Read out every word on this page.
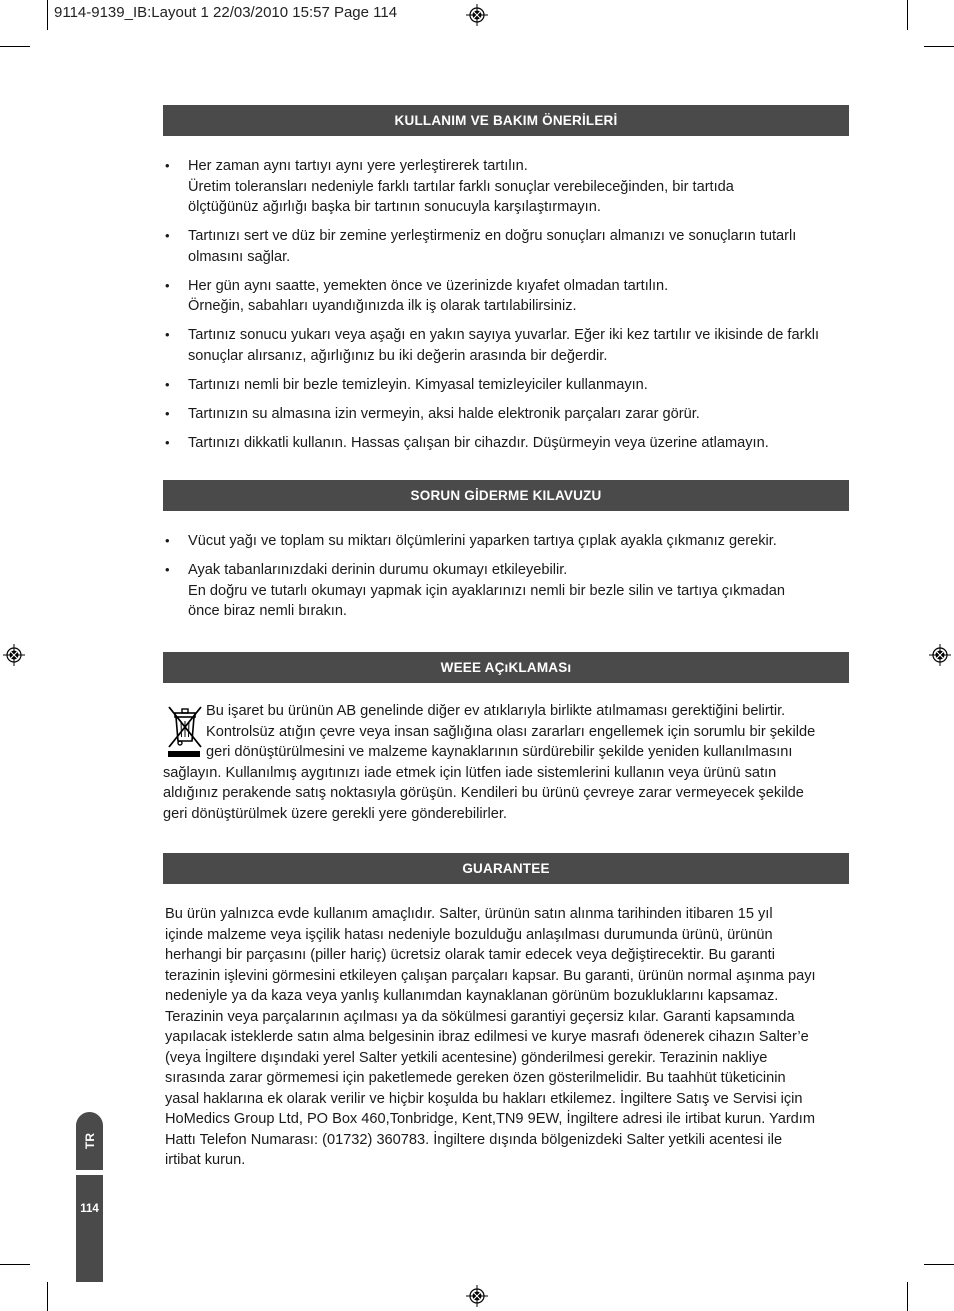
9114-9139_IB:Layout 1 22/03/2010 15:57 Page 114
KULLANIM VE BAKIM ÖNERİLERİ
• Her zaman aynı tartıyı aynı yere yerleştirerek tartılın.
Üretim toleransları nedeniyle farklı tartılar farklı sonuçlar verebileceğinden, bir tartıda
ölçtüğünüz ağırlığı başka bir tartının sonucuyla karşılaştırmayın.
• Tartınızı sert ve düz bir zemine yerleştirmeniz en doğru sonuçları almanızı ve sonuçların tutarlı
olmasını sağlar.
• Her gün aynı saatte, yemekten önce ve üzerinizde kıyafet olmadan tartılın.
Örneğin, sabahları uyandığınızda ilk iş olarak tartılabilirsiniz.
• Tartınız sonucu yukarı veya aşağı en yakın sayıya yuvarlar. Eğer iki kez tartılır ve ikisinde de farklı
sonuçlar alırsanız, ağırlığınız bu iki değerin arasında bir değerdir.
• Tartınızı nemli bir bezle temizleyin. Kimyasal temizleyiciler kullanmayın.
• Tartınızın su almasına izin vermeyin, aksi halde elektronik parçaları zarar görür.
• Tartınızı dikkatli kullanın. Hassas çalışan bir cihazdır. Düşürmeyin veya üzerine atlamayın.
SORUN GİDERME KILAVUZU
• Vücut yağı ve toplam su miktarı ölçümlerini yaparken tartıya çıplak ayakla çıkmanız gerekir.
• Ayak tabanlarınızdaki derinin durumu okumayı etkileyebilir.
En doğru ve tutarlı okumayı yapmak için ayaklarınızı nemli bir bezle silin ve tartıya çıkmadan
önce biraz nemli bırakın.
WEEE AÇıKLAMASı
Bu işaret bu ürünün AB genelinde diğer ev atıklarıyla birlikte atılmaması gerektiğini belirtir.
Kontrolsüz atığın çevre veya insan sağlığına olası zararları engellemek için sorumlu bir şekilde
geri dönüştürülmesini ve malzeme kaynaklarının sürdürebilir şekilde yeniden kullanılmasını
sağlayın. Kullanılmış aygıtınızı iade etmek için lütfen iade sistemlerini kullanın veya ürünü satın
aldığınız perakende satış noktasıyla görüşün. Kendileri bu ürünü çevreye zarar vermeyecek şekilde
geri dönüştürülmek üzere gerekli yere gönderebilirler.
GUARANTEE
Bu ürün yalnızca evde kullanım amaçlıdır. Salter, ürünün satın alınma tarihinden itibaren 15 yıl
içinde malzeme veya işçilik hatası nedeniyle bozulduğu anlaşılması durumunda ürünü, ürünün
herhangi bir parçasını (piller hariç) ücretsiz olarak tamir edecek veya değiştirecektir. Bu garanti
terazinin işlevini görmesini etkileyen çalışan parçaları kapsar. Bu garanti, ürünün normal aşınma payı
nedeniyle ya da kaza veya yanlış kullanımdan kaynaklanan görünüm bozukluklarını kapsamaz.
Terazinin veya parçalarının açılması ya da sökülmesi garantiyi geçersiz kılar. Garanti kapsamında
yapılacak isteklerde satın alma belgesinin ibraz edilmesi ve kurye masrafı ödenerek cihazın Salter’e
(veya İngiltere dışındaki yerel Salter yetkili acentesine) gönderilmesi gerekir. Terazinin nakliye
sırasında zarar görmemesi için paketlemede gereken özen gösterilmelidir. Bu taahhüt tüketicinin
yasal haklarına ek olarak verilir ve hiçbir koşulda bu hakları etkilemez. İngiltere Satış ve Servisi için
HoMedics Group Ltd, PO Box 460,Tonbridge, Kent,TN9 9EW, İngiltere adresi ile irtibat kurun. Yardım
Hattı Telefon Numarası: (01732) 360783. İngiltere dışında bölgenizdeki Salter yetkili acentesi ile
irtibat kurun.
TR
114
